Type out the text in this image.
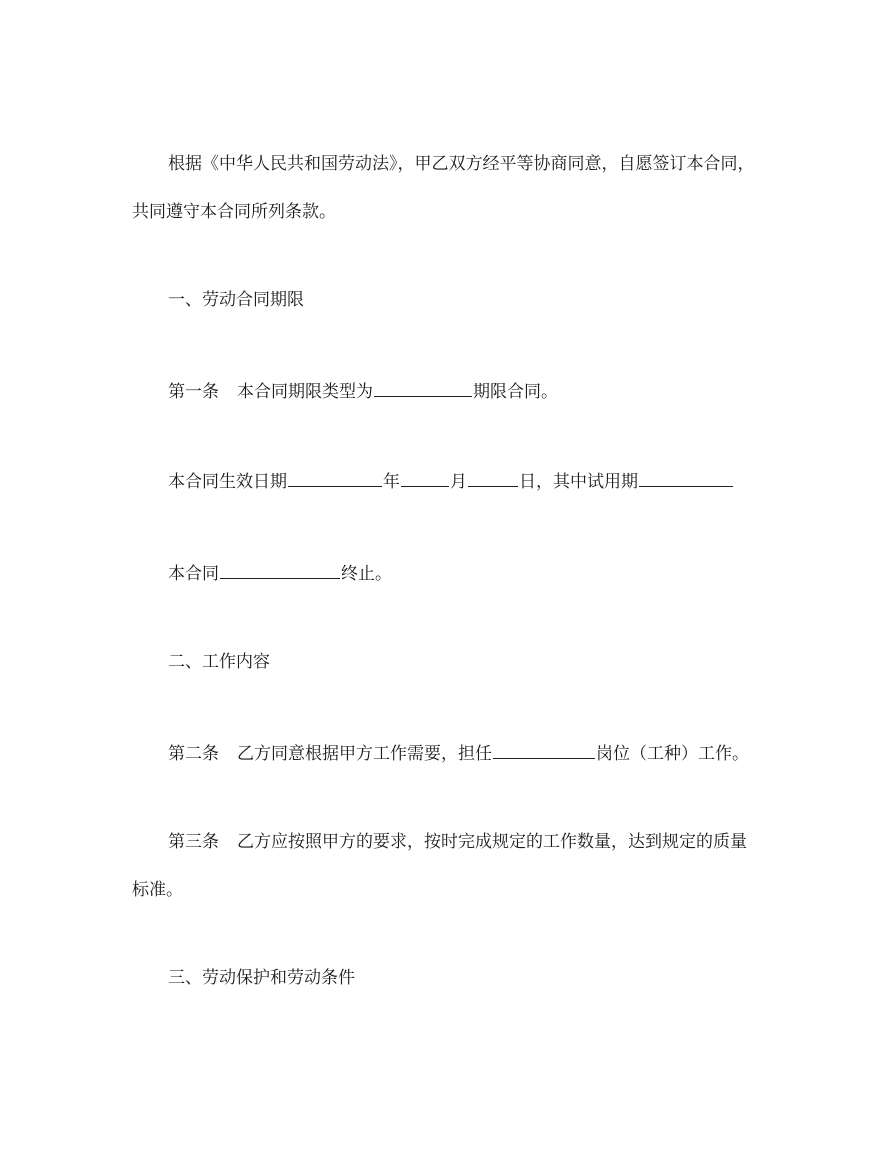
根据《中华人民共和国劳动法》，甲乙双方经平等协商同意，自愿签订本合同，
共同遵守本合同所列条款。
一、劳动合同期限
第一条 本合同期限类型为	期限合同。
本合同生效日期	年	月	日，其中试用期
本合同	终止。
二、工作内容
第二条 乙方同意根据甲方工作需要，担任	岗位（工种）工作。
第三条 乙方应按照甲方的要求，按时完成规定的工作数量，达到规定的质量
标准。
三、劳动保护和劳动条件
